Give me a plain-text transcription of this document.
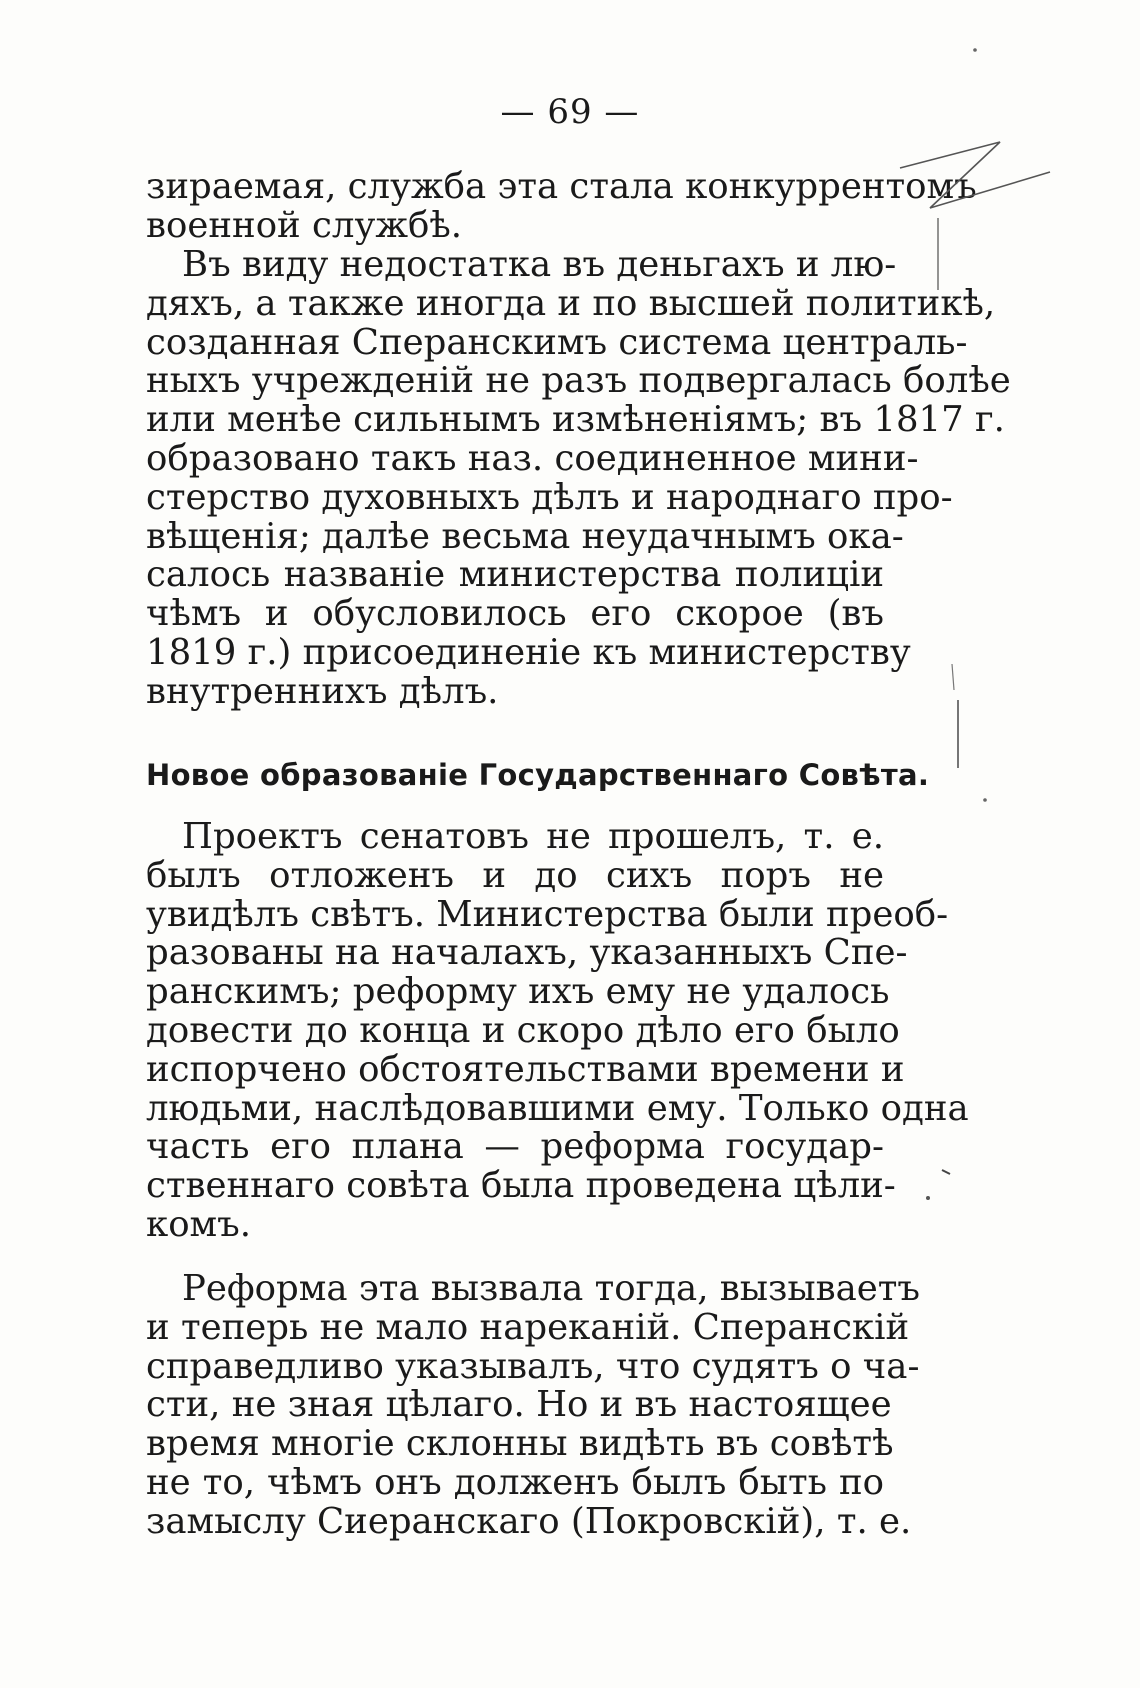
— 69 —
зираемая, служба эта стала конкуррентомъ
военной службѣ.
Въ виду недостатка въ деньгахъ и лю-
дяхъ, а также иногда и по высшей политикѣ,
созданная Сперанскимъ система централь-
ныхъ учрежденій не разъ подвергалась болѣе
или менѣе сильнымъ измѣненіямъ; въ 1817 г.
образовано такъ наз. соединенное мини-
стерство духовныхъ дѣлъ и народнаго про-
вѣщенія; далѣе весьма неудачнымъ ока-
салось названіе министерства полиціи
чѣмъ и обусловилось его скорое (въ
1819 г.) присоединеніе къ министерству
внутреннихъ дѣлъ.
Новое образованіе Государственнаго Совѣта.
Проектъ сенатовъ не прошелъ, т. е.
былъ отложенъ и до сихъ поръ не
увидѣлъ свѣтъ. Министерства были преоб-
разованы на началахъ, указанныхъ Спе-
ранскимъ; реформу ихъ ему не удалось
довести до конца и скоро дѣло его было
испорчено обстоятельствами времени и
людьми, наслѣдовавшими ему. Только одна
часть его плана — реформа государ-
ственнаго совѣта была проведена цѣли-
комъ.
Реформа эта вызвала тогда, вызываетъ
и теперь не мало нареканій. Сперанскій
справедливо указывалъ, что судятъ о ча-
сти, не зная цѣлаго. Но и въ настоящее
время многіе склонны видѣть въ совѣтѣ
не то, чѣмъ онъ долженъ былъ быть по
замыслу Сиеранскаго (Покровскій), т. е.
